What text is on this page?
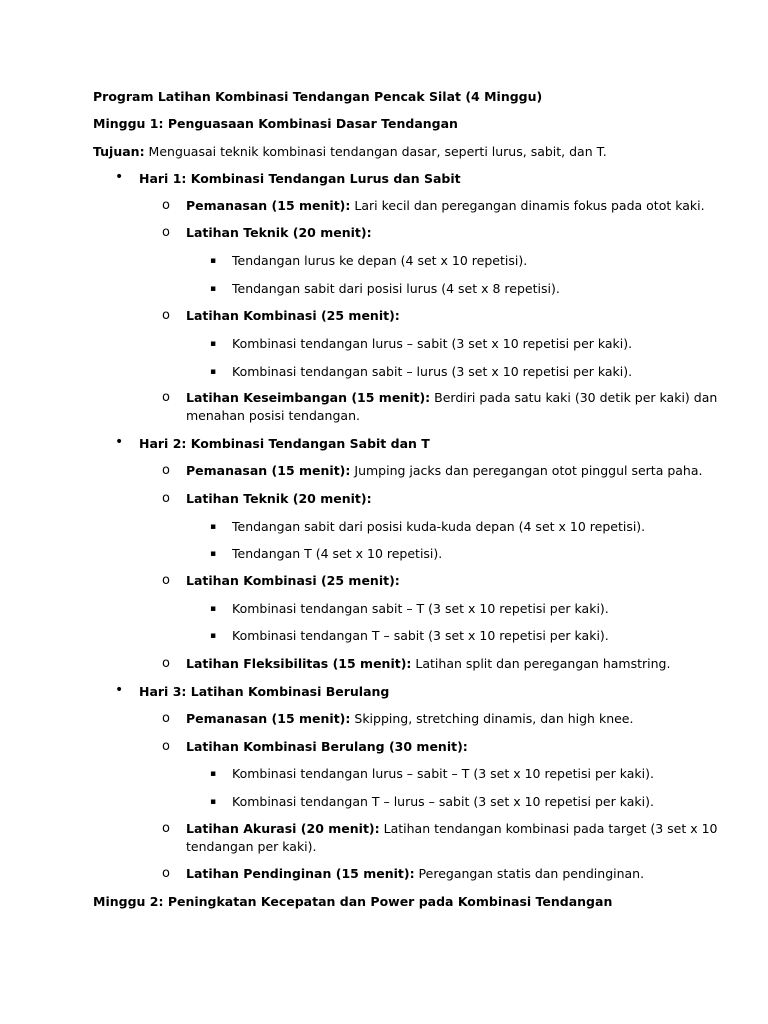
Program Latihan Kombinasi Tendangan Pencak Silat (4 Minggu)
Minggu 1: Penguasaan Kombinasi Dasar Tendangan
Tujuan: Menguasai teknik kombinasi tendangan dasar, seperti lurus, sabit, dan T.
• Hari 1: Kombinasi Tendangan Lurus dan Sabit
o Pemanasan (15 menit): Lari kecil dan peregangan dinamis fokus pada otot kaki.
o Latihan Teknik (20 menit):
▪ Tendangan lurus ke depan (4 set x 10 repetisi).
▪ Tendangan sabit dari posisi lurus (4 set x 8 repetisi).
o Latihan Kombinasi (25 menit):
▪ Kombinasi tendangan lurus – sabit (3 set x 10 repetisi per kaki).
▪ Kombinasi tendangan sabit – lurus (3 set x 10 repetisi per kaki).
o Latihan Keseimbangan (15 menit): Berdiri pada satu kaki (30 detik per kaki) dan
menahan posisi tendangan.
• Hari 2: Kombinasi Tendangan Sabit dan T
o Pemanasan (15 menit): Jumping jacks dan peregangan otot pinggul serta paha.
o Latihan Teknik (20 menit):
▪ Tendangan sabit dari posisi kuda-kuda depan (4 set x 10 repetisi).
▪ Tendangan T (4 set x 10 repetisi).
o Latihan Kombinasi (25 menit):
▪ Kombinasi tendangan sabit – T (3 set x 10 repetisi per kaki).
▪ Kombinasi tendangan T – sabit (3 set x 10 repetisi per kaki).
o Latihan Fleksibilitas (15 menit): Latihan split dan peregangan hamstring.
• Hari 3: Latihan Kombinasi Berulang
o Pemanasan (15 menit): Skipping, stretching dinamis, dan high knee.
o Latihan Kombinasi Berulang (30 menit):
▪ Kombinasi tendangan lurus – sabit – T (3 set x 10 repetisi per kaki).
▪ Kombinasi tendangan T – lurus – sabit (3 set x 10 repetisi per kaki).
o Latihan Akurasi (20 menit): Latihan tendangan kombinasi pada target (3 set x 10
tendangan per kaki).
o Latihan Pendinginan (15 menit): Peregangan statis dan pendinginan.
Minggu 2: Peningkatan Kecepatan dan Power pada Kombinasi Tendangan
